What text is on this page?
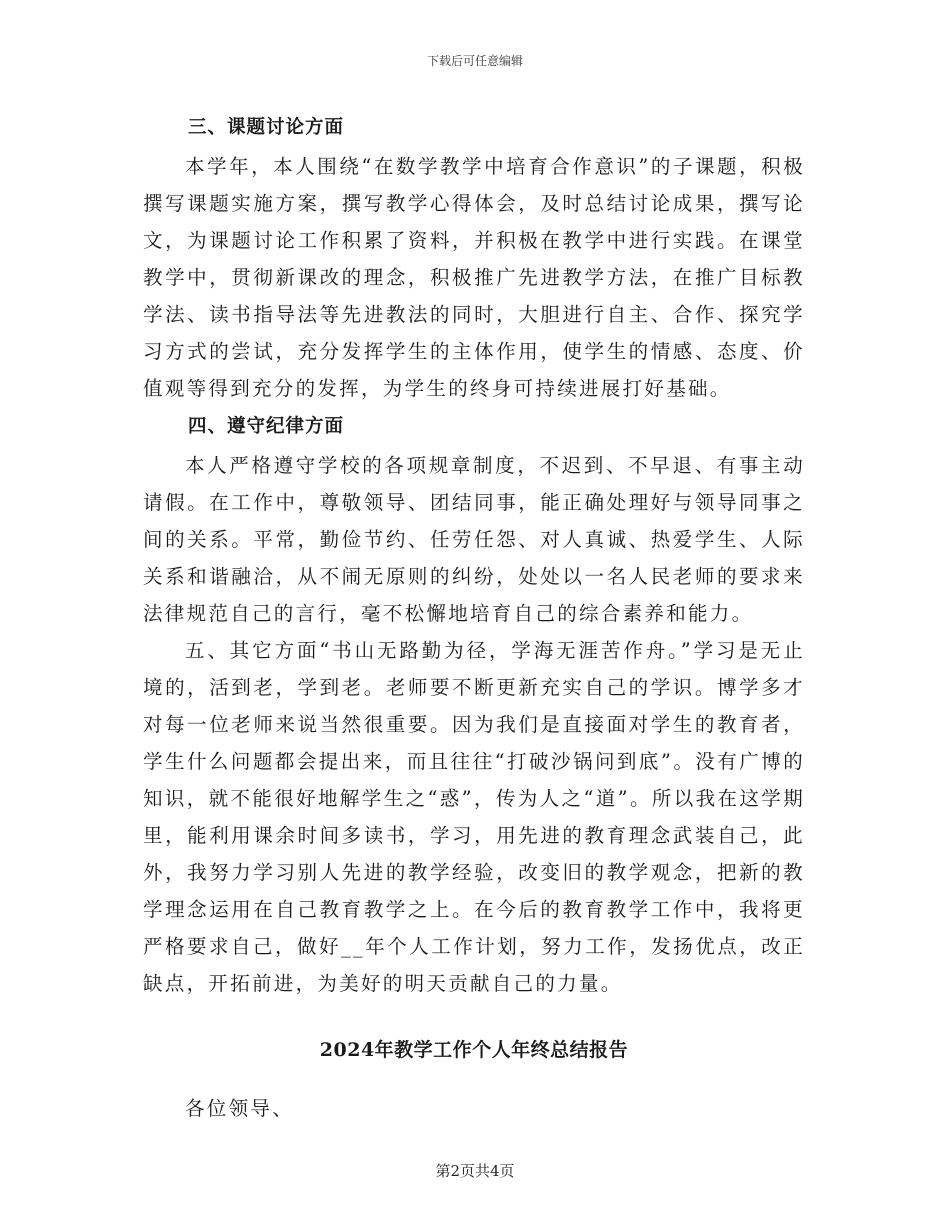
下载后可任意编辑
三、课题讨论方面

本学年，本人围绕“在数学教学中培育合作意识”的子课题，积极撰写课题实施方案，撰写教学心得体会，及时总结讨论成果，撰写论文，为课题讨论工作积累了资料，并积极在教学中进行实践。在课堂教学中，贯彻新课改的理念，积极推广先进教学方法，在推广目标教学法、读书指导法等先进教法的同时，大胆进行自主、合作、探究学习方式的尝试，充分发挥学生的主体作用，使学生的情感、态度、价值观等得到充分的发挥，为学生的终身可持续进展打好基础。

四、遵守纪律方面

本人严格遵守学校的各项规章制度，不迟到、不早退、有事主动请假。在工作中，尊敬领导、团结同事，能正确处理好与领导同事之间的关系。平常，勤俭节约、任劳任怨、对人真诚、热爱学生、人际关系和谐融洽，从不闹无原则的纠纷，处处以一名人民老师的要求来法律规范自己的言行，毫不松懈地培育自己的综合素养和能力。

五、其它方面“书山无路勤为径，学海无涯苦作舟。”学习是无止境的，活到老，学到老。老师要不断更新充实自己的学识。博学多才对每一位老师来说当然很重要。因为我们是直接面对学生的教育者，学生什么问题都会提出来，而且往往“打破沙锅问到底”。没有广博的知识，就不能很好地解学生之“惑”，传为人之“道”。所以我在这学期里，能利用课余时间多读书，学习，用先进的教育理念武装自己，此外，我努力学习别人先进的教学经验，改变旧的教学观念，把新的教学理念运用在自己教育教学之上。在今后的教育教学工作中，我将更严格要求自己，做好__年个人工作计划，努力工作，发扬优点，改正缺点，开拓前进，为美好的明天贡献自己的力量。

2024年教学工作个人年终总结报告

各位领导、

第2页共4页
